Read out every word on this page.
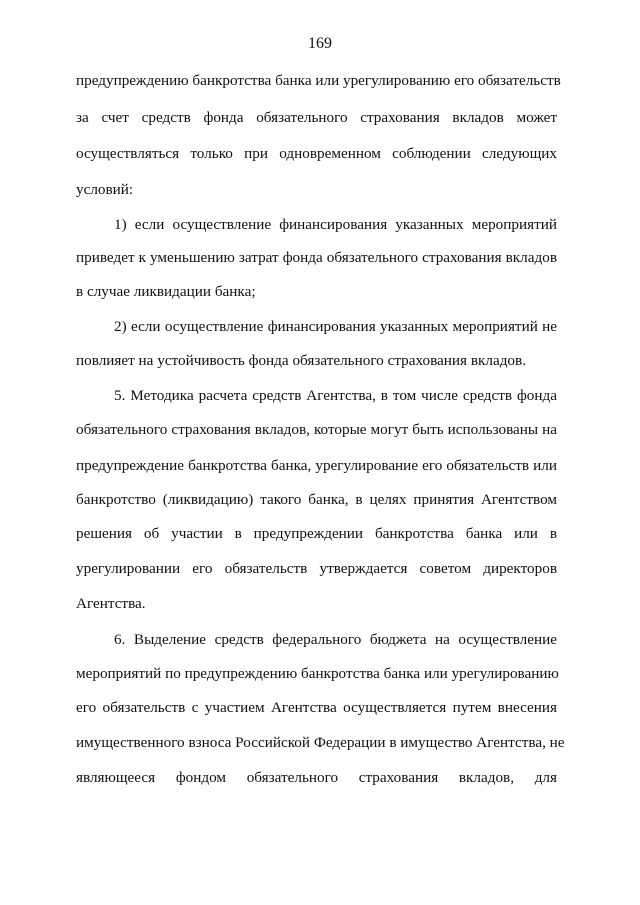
169
предупреждению банкротства банка или урегулированию его обязательств
за счет средств фонда обязательного страхования вкладов может
осуществляться только при одновременном соблюдении следующих
условий:
1) если осуществление финансирования указанных мероприятий
приведет к уменьшению затрат фонда обязательного страхования вкладов
в случае ликвидации банка;
2) если осуществление финансирования указанных мероприятий не
повлияет на устойчивость фонда обязательного страхования вкладов.
5. Методика расчета средств Агентства, в том числе средств фонда
обязательного страхования вкладов, которые могут быть использованы на
предупреждение банкротства банка, урегулирование его обязательств или
банкротство (ликвидацию) такого банка, в целях принятия Агентством
решения об участии в предупреждении банкротства банка или в
урегулировании его обязательств утверждается советом директоров
Агентства.
6. Выделение средств федерального бюджета на осуществление
мероприятий по предупреждению банкротства банка или урегулированию
его обязательств с участием Агентства осуществляется путем внесения
имущественного взноса Российской Федерации в имущество Агентства, не
являющееся фондом обязательного страхования вкладов, для
